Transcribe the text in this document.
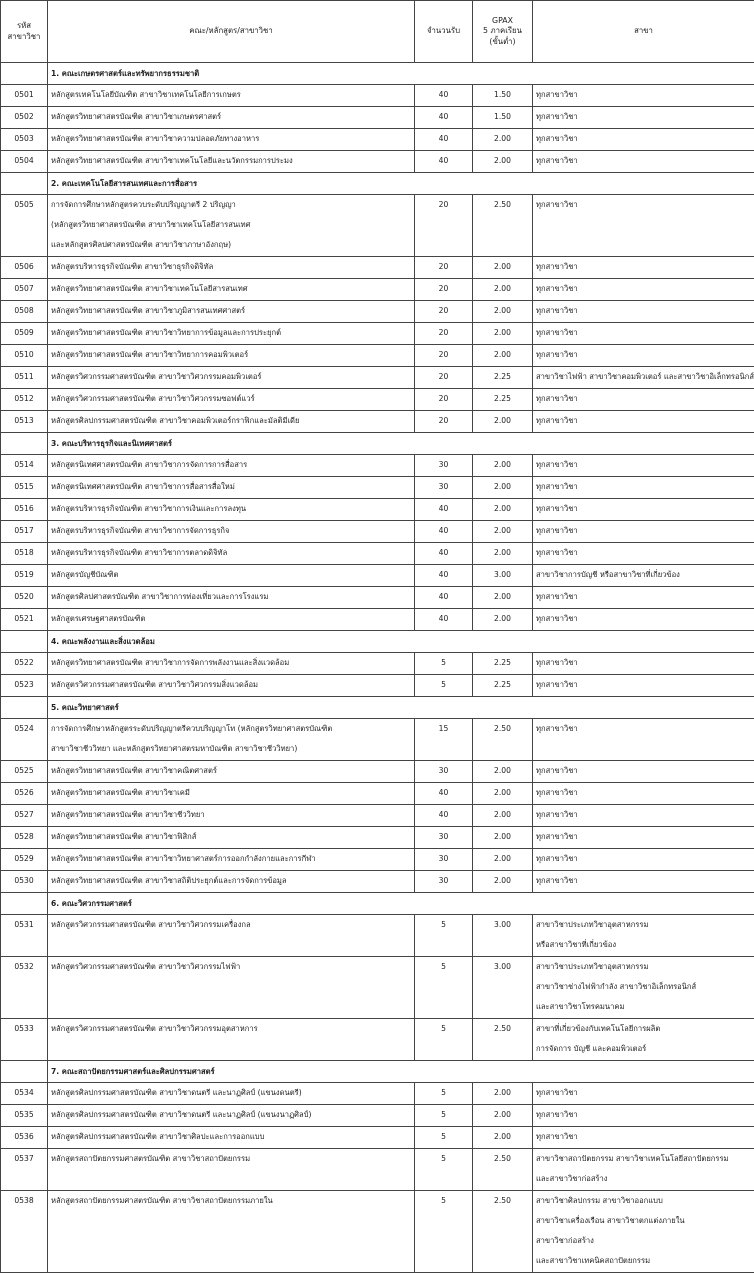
รหัส
สาขาวิชา	คณะ/หลักสูตร/สาขาวิชา	จำนวนรับ	GPAX
5 ภาคเรียน
(ขั้นต่ำ)	สาขา
	1. คณะเกษตรศาสตร์และทรัพยากรธรรมชาติ			

0501	หลักสูตรเทคโนโลยีบัณฑิต สาขาวิชาเทคโนโลยีการเกษตร	40	1.50	ทุกสาขาวิชา

0502	หลักสูตรวิทยาศาสตรบัณฑิต สาขาวิชาเกษตรศาสตร์	40	1.50	ทุกสาขาวิชา

0503	หลักสูตรวิทยาศาสตรบัณฑิต สาขาวิชาความปลอดภัยทางอาหาร	40	2.00	ทุกสาขาวิชา

0504	หลักสูตรวิทยาศาสตรบัณฑิต สาขาวิชาเทคโนโลยีและนวัตกรรมการประมง	40	2.00	ทุกสาขาวิชา

	2. คณะเทคโนโลยีสารสนเทศและการสื่อสาร			

0505	การจัดการศึกษาหลักสูตรควบระดับปริญญาตรี 2 ปริญญา
(หลักสูตรวิทยาศาสตรบัณฑิต สาขาวิชาเทคโนโลยีสารสนเทศ
และหลักสูตรศิลปศาสตรบัณฑิต สาขาวิชาภาษาอังกฤษ)	20	2.50	ทุกสาขาวิชา

0506	หลักสูตรบริหารธุรกิจบัณฑิต สาขาวิชาธุรกิจดิจิทัล	20	2.00	ทุกสาขาวิชา

0507	หลักสูตรวิทยาศาสตรบัณฑิต สาขาวิชาเทคโนโลยีสารสนเทศ	20	2.00	ทุกสาขาวิชา

0508	หลักสูตรวิทยาศาสตรบัณฑิต สาขาวิชาภูมิสารสนเทศศาสตร์	20	2.00	ทุกสาขาวิชา

0509	หลักสูตรวิทยาศาสตรบัณฑิต สาขาวิชาวิทยาการข้อมูลและการประยุกต์	20	2.00	ทุกสาขาวิชา

0510	หลักสูตรวิทยาศาสตรบัณฑิต สาขาวิชาวิทยาการคอมพิวเตอร์	20	2.00	ทุกสาขาวิชา

0511	หลักสูตรวิศวกรรมศาสตรบัณฑิต สาขาวิชาวิศวกรรมคอมพิวเตอร์	20	2.25	สาขาวิชาไฟฟ้า สาขาวิชาคอมพิวเตอร์ และสาขาวิชาอิเล็กทรอนิกส์

0512	หลักสูตรวิศวกรรมศาสตรบัณฑิต สาขาวิชาวิศวกรรมซอฟต์แวร์	20	2.25	ทุกสาขาวิชา

0513	หลักสูตรศิลปกรรมศาสตรบัณฑิต สาขาวิชาคอมพิวเตอร์กราฟิกและมัลติมีเดีย	20	2.00	ทุกสาขาวิชา

	3. คณะบริหารธุรกิจและนิเทศศาสตร์			

0514	หลักสูตรนิเทศศาสตรบัณฑิต สาขาวิชาการจัดการการสื่อสาร	30	2.00	ทุกสาขาวิชา

0515	หลักสูตรนิเทศศาสตรบัณฑิต สาขาวิชาการสื่อสารสื่อใหม่	30	2.00	ทุกสาขาวิชา

0516	หลักสูตรบริหารธุรกิจบัณฑิต สาขาวิชาการเงินและการลงทุน	40	2.00	ทุกสาขาวิชา

0517	หลักสูตรบริหารธุรกิจบัณฑิต สาขาวิชาการจัดการธุรกิจ	40	2.00	ทุกสาขาวิชา

0518	หลักสูตรบริหารธุรกิจบัณฑิต สาขาวิชาการตลาดดิจิทัล	40	2.00	ทุกสาขาวิชา

0519	หลักสูตรบัญชีบัณฑิต	40	3.00	สาขาวิชาการบัญชี หรือสาขาวิชาที่เกี่ยวข้อง

0520	หลักสูตรศิลปศาสตรบัณฑิต สาขาวิชาการท่องเที่ยวและการโรงแรม	40	2.00	ทุกสาขาวิชา

0521	หลักสูตรเศรษฐศาสตรบัณฑิต	40	2.00	ทุกสาขาวิชา

	4. คณะพลังงานและสิ่งแวดล้อม			

0522	หลักสูตรวิทยาศาสตรบัณฑิต สาขาวิชาการจัดการพลังงานและสิ่งแวดล้อม	5	2.25	ทุกสาขาวิชา

0523	หลักสูตรวิศวกรรมศาสตรบัณฑิต สาขาวิชาวิศวกรรมสิ่งแวดล้อม	5	2.25	ทุกสาขาวิชา

	5. คณะวิทยาศาสตร์			

0524	การจัดการศึกษาหลักสูตรระดับปริญญาตรีควบปริญญาโท (หลักสูตรวิทยาศาสตรบัณฑิต
สาขาวิชาชีววิทยา และหลักสูตรวิทยาศาสตรมหาบัณฑิต สาขาวิชาชีววิทยา)	15	2.50	ทุกสาขาวิชา

0525	หลักสูตรวิทยาศาสตรบัณฑิต สาขาวิชาคณิตศาสตร์	30	2.00	ทุกสาขาวิชา

0526	หลักสูตรวิทยาศาสตรบัณฑิต สาขาวิชาเคมี	40	2.00	ทุกสาขาวิชา

0527	หลักสูตรวิทยาศาสตรบัณฑิต สาขาวิชาชีววิทยา	40	2.00	ทุกสาขาวิชา

0528	หลักสูตรวิทยาศาสตรบัณฑิต สาขาวิชาฟิสิกส์	30	2.00	ทุกสาขาวิชา

0529	หลักสูตรวิทยาศาสตรบัณฑิต สาขาวิชาวิทยาศาสตร์การออกกำลังกายและการกีฬา	30	2.00	ทุกสาขาวิชา

0530	หลักสูตรวิทยาศาสตรบัณฑิต สาขาวิชาสถิติประยุกต์และการจัดการข้อมูล	30	2.00	ทุกสาขาวิชา

	6. คณะวิศวกรรมศาสตร์			

0531	หลักสูตรวิศวกรรมศาสตรบัณฑิต สาขาวิชาวิศวกรรมเครื่องกล	5	3.00	สาขาวิชาประเภทวิชาอุตสาหกรรม
หรือสาขาวิชาที่เกี่ยวข้อง

0532	หลักสูตรวิศวกรรมศาสตรบัณฑิต สาขาวิชาวิศวกรรมไฟฟ้า	5	3.00	สาขาวิชาประเภทวิชาอุตสาหกรรม
สาขาวิชาช่างไฟฟ้ากำลัง สาขาวิชาอิเล็กทรอนิกส์
และสาขาวิชาโทรคมนาคม

0533	หลักสูตรวิศวกรรมศาสตรบัณฑิต สาขาวิชาวิศวกรรมอุตสาหการ	5	2.50	สาขาที่เกี่ยวข้องกับเทคโนโลยีการผลิต
การจัดการ บัญชี และคอมพิวเตอร์

	7. คณะสถาปัตยกรรมศาสตร์และศิลปกรรมศาสตร์			

0534	หลักสูตรศิลปกรรมศาสตรบัณฑิต สาขาวิชาดนตรี และนาฏศิลป์ (แขนงดนตรี)	5	2.00	ทุกสาขาวิชา

0535	หลักสูตรศิลปกรรมศาสตรบัณฑิต สาขาวิชาดนตรี และนาฏศิลป์ (แขนงนาฏศิลป์)	5	2.00	ทุกสาขาวิชา

0536	หลักสูตรศิลปกรรมศาสตรบัณฑิต สาขาวิชาศิลปะและการออกแบบ	5	2.00	ทุกสาขาวิชา

0537	หลักสูตรสถาปัตยกรรมศาสตรบัณฑิต สาขาวิชาสถาปัตยกรรม	5	2.50	สาขาวิชาสถาปัตยกรรม สาขาวิชาเทคโนโลยีสถาปัตยกรรม
และสาขาวิชาก่อสร้าง

0538	หลักสูตรสถาปัตยกรรมศาสตรบัณฑิต สาขาวิชาสถาปัตยกรรมภายใน	5	2.50	สาขาวิชาศิลปกรรม สาขาวิชาออกแบบ
สาขาวิชาเครื่องเรือน สาขาวิชาตกแต่งภายใน
สาขาวิชาก่อสร้าง
และสาขาวิชาเทคนิคสถาปัตยกรรม
